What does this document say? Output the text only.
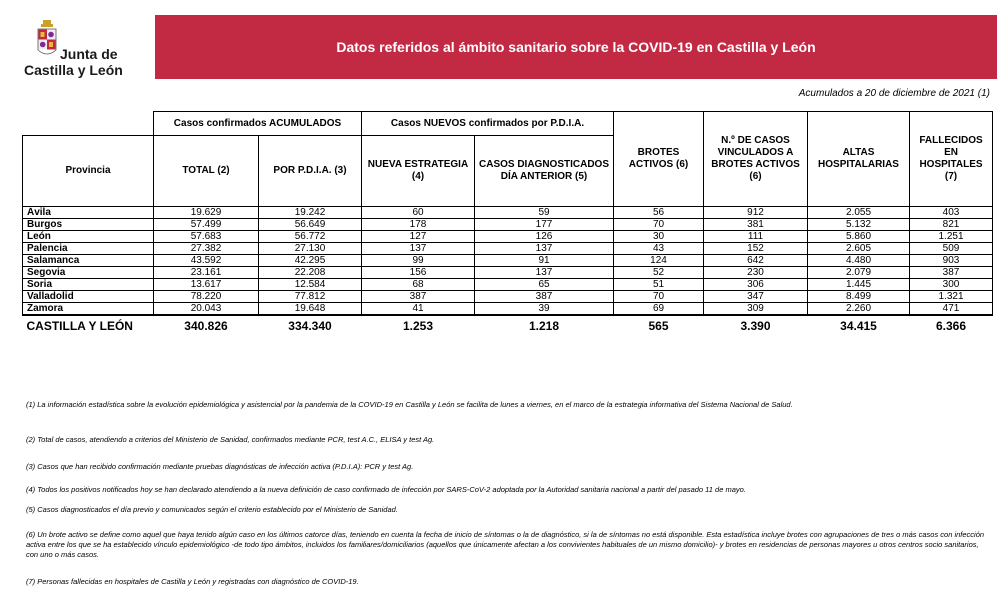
Junta de
Castilla y León
Datos referidos al ámbito sanitario sobre la COVID-19 en Castilla y León
Acumulados a 20 de diciembre de 2021 (1)
	Casos confirmados ACUMULADOS		Casos NUEVOS confirmados por P.D.I.A.		BROTES ACTIVOS (6)	N.º DE CASOS VINCULADOS A BROTES ACTIVOS (6)	ALTAS HOSPITALARIAS	FALLECIDOS EN HOSPITALES (7)
Provincia	TOTAL (2)	POR P.D.I.A. (3)	NUEVA ESTRATEGIA (4)	CASOS DIAGNOSTICADOS DÍA ANTERIOR (5)				
Ávila	19.629	19.242	60	59	56	912	2.055	403
Burgos	57.499	56.649	178	177	70	381	5.132	821
León	57.683	56.772	127	126	30	111	5.860	1.251
Palencia	27.382	27.130	137	137	43	152	2.605	509
Salamanca	43.592	42.295	99	91	124	642	4.480	903
Segovia	23.161	22.208	156	137	52	230	2.079	387
Soria	13.617	12.584	68	65	51	306	1.445	300
Valladolid	78.220	77.812	387	387	70	347	8.499	1.321
Zamora	20.043	19.648	41	39	69	309	2.260	471
CASTILLA Y LEÓN	340.826	334.340	1.253	1.218	565	3.390	34.415	6.366
(1) La información estadística sobre la evolución epidemiológica y asistencial por la pandemia de la COVID-19 en Castilla y León se facilita de lunes a viernes, en el marco de la estrategia informativa del Sistema Nacional de Salud.
(2) Total de casos, atendiendo a criterios del Ministerio de Sanidad, confirmados mediante PCR, test A.C., ELISA y test Ag.
(3) Casos que han recibido confirmación mediante pruebas diagnósticas de infección activa (P.D.I.A): PCR y test Ag.
(4) Todos los positivos notificados hoy se han declarado atendiendo a la nueva definición de caso confirmado de infección por SARS-CoV-2 adoptada por la Autoridad sanitaria nacional a partir del pasado 11 de mayo.
(5) Casos diagnosticados el día previo y comunicados según el criterio establecido por el Ministerio de Sanidad.
(6) Un brote activo se define como aquel que haya tenido algún caso en los últimos catorce días, teniendo en cuenta la fecha de inicio de síntomas o la de diagnóstico, si la de síntomas no está disponible. Esta estadística incluye brotes con agrupaciones de tres o más casos con infección activa entre los que se ha establecido vínculo epidemiológico -de todo tipo ámbitos, incluidos los familiares/domiciliarios (aquellos que únicamente afectan a los convivientes habituales de un mismo domicilio)- y brotes en residencias de personas mayores u otros centros socio sanitarios, con uno o más casos.
(7) Personas fallecidas en hospitales de Castilla y León y registradas con diagnóstico de COVID-19.
